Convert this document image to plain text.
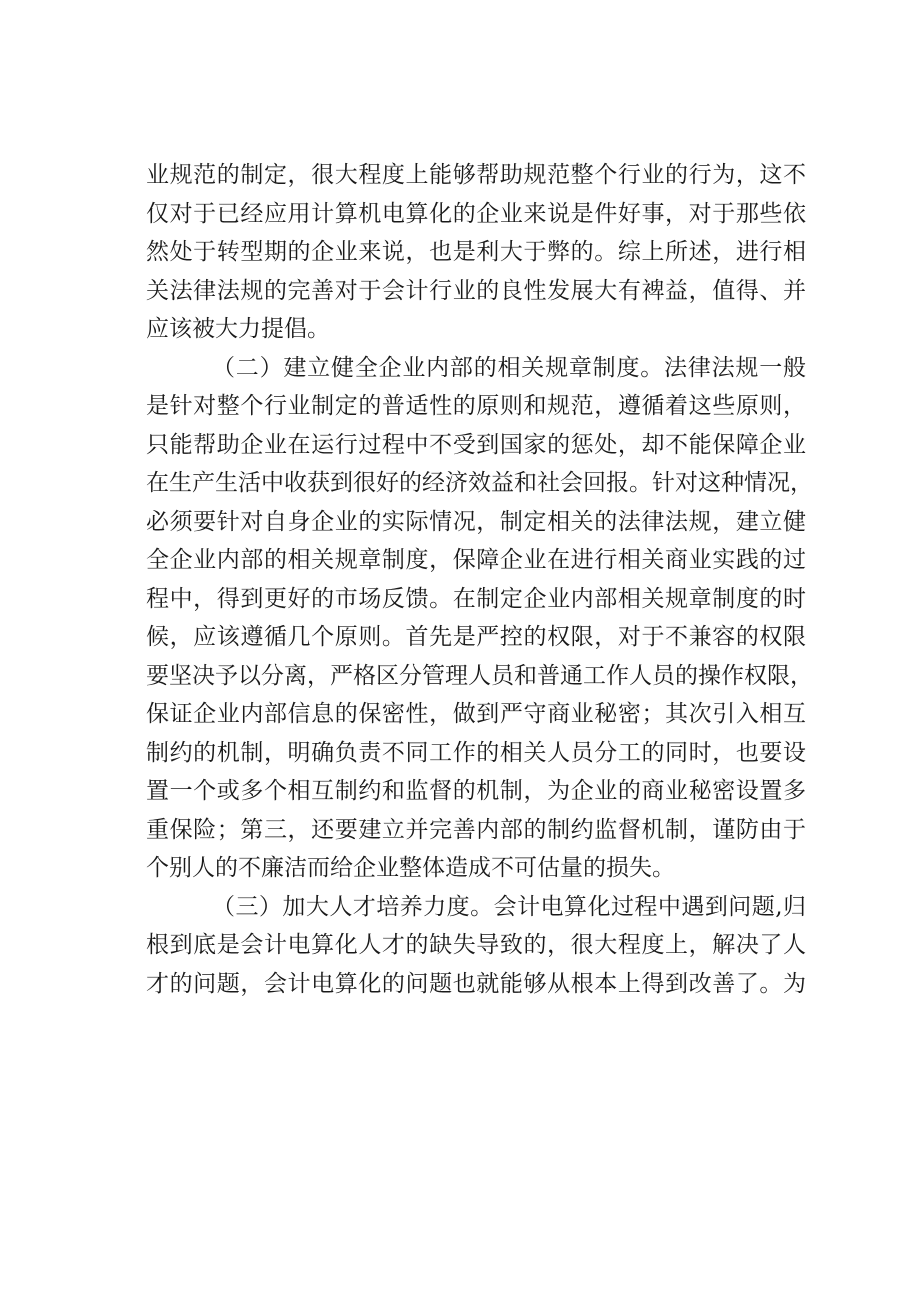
业规范的制定，很大程度上能够帮助规范整个行业的行为，这不
仅对于已经应用计算机电算化的企业来说是件好事，对于那些依
然处于转型期的企业来说，也是利大于弊的。综上所述，进行相
关法律法规的完善对于会计行业的良性发展大有裨益，值得、并
应该被大力提倡。
（二）建立健全企业内部的相关规章制度。法律法规一般
是针对整个行业制定的普适性的原则和规范，遵循着这些原则，
只能帮助企业在运行过程中不受到国家的惩处，却不能保障企业
在生产生活中收获到很好的经济效益和社会回报。针对这种情况，
必须要针对自身企业的实际情况，制定相关的法律法规，建立健
全企业内部的相关规章制度，保障企业在进行相关商业实践的过
程中，得到更好的市场反馈。在制定企业内部相关规章制度的时
候，应该遵循几个原则。首先是严控的权限，对于不兼容的权限
要坚决予以分离，严格区分管理人员和普通工作人员的操作权限，
保证企业内部信息的保密性，做到严守商业秘密；其次引入相互
制约的机制，明确负责不同工作的相关人员分工的同时，也要设
置一个或多个相互制约和监督的机制，为企业的商业秘密设置多
重保险；第三，还要建立并完善内部的制约监督机制，谨防由于
个别人的不廉洁而给企业整体造成不可估量的损失。
（三）加大人才培养力度。会计电算化过程中遇到问题,归
根到底是会计电算化人才的缺失导致的，很大程度上，解决了人
才的问题，会计电算化的问题也就能够从根本上得到改善了。为
